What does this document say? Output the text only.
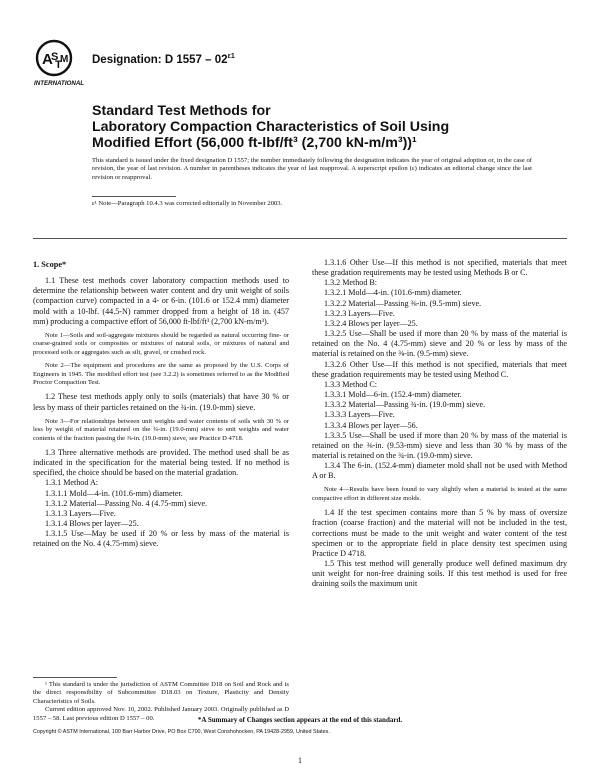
A
S
T
M
INTERNATIONAL
Designation: D $1557 - 02^{\varepsilon 1}$
Standard Test Methods for
Laboratory Compaction Characteristics of Soil Using
Modified Effort (56,000 ft-lbf/ft³ (2,700 kN-m/m³))¹
This standard is issued under the fixed designation D 1557; the number immediately following the designation indicates the year of original adoption or, in the case of revision, the year of last revision. A number in parentheses indicates the year of last reapproval. A superscript epsilon (ε) indicates an editorial change since the last revision or reapproval.
ε¹ Note—Paragraph 10.4.3 was corrected editorially in November 2003.

1. Scope*

1.1 These test methods cover laboratory compaction methods used to determine the relationship between water content and dry unit weight of soils (compaction curve) compacted in a 4- or 6-in. (101.6 or 152.4 mm) diameter mold with a 10-lbf. (44.5-N) rammer dropped from a height of 18 in. (457 mm) producing a compactive effort of 56,000 ft-lbf/ft³ (2,700 kN-m/m³).

Note 1—Soils and soil-aggregate mixtures should be regarded as natural occurring fine- or coarse-grained soils or composites or mixtures of natural soils, or mixtures of natural and processed soils or aggregates such as silt, gravel, or crushed rock.

Note 2—The equipment and procedures are the same as proposed by the U.S. Corps of Engineers in 1945. The modified effort test (see 3.2.2) is sometimes referred to as the Modified Proctor Compaction Test.

1.2 These test methods apply only to soils (materials) that have 30 % or less by mass of their particles retained on the ¾-in. (19.0-mm) sieve.

Note 3—For relationships between unit weights and water contents of soils with 30 % or less by weight of material retained on the ¾-in. (19.0-mm) sieve to unit weights and water contents of the fraction passing the ⅜-in. (19.0-mm) sieve, see Practice D 4718.

1.3 Three alternative methods are provided. The method used shall be as indicated in the specification for the material being tested. If no method is specified, the choice should be based on the material gradation.

1.3.1 Method A:

1.3.1.1 Mold—4-in. (101.6-mm) diameter.

1.3.1.2 Material—Passing No. 4 (4.75-mm) sieve.

1.3.1.3 Layers—Five.

1.3.1.4 Blows per layer—25.

1.3.1.5 Use—May be used if 20 % or less by mass of the material is retained on the No. 4 (4.75-mm) sieve.

1.3.1.6 Other Use—If this method is not specified, materials that meet these gradation requirements may be tested using Methods B or C.

1.3.2 Method B:

1.3.2.1 Mold—4-in. (101.6-mm) diameter.

1.3.2.2 Material—Passing ⅜-in. (9.5-mm) sieve.

1.3.2.3 Layers—Five.

1.3.2.4 Blows per layer—25.

1.3.2.5 Use—Shall be used if more than 20 % by mass of the material is retained on the No. 4 (4.75-mm) sieve and 20 % or less by mass of the material is retained on the ⅜-in. (9.5-mm) sieve.

1.3.2.6 Other Use—If this method is not specified, materials that meet these gradation requirements may be tested using Method C.

1.3.3 Method C:

1.3.3.1 Mold—6-in. (152.4-mm) diameter.

1.3.3.2 Material—Passing ¾-in. (19.0-mm) sieve.

1.3.3.3 Layers—Five.

1.3.3.4 Blows per layer—56.

1.3.3.5 Use—Shall be used if more than 20 % by mass of the material is retained on the ⅜-in. (9.53-mm) sieve and less than 30 % by mass of the material is retained on the ¾-in. (19.0-mm) sieve.

1.3.4 The 6-in. (152.4-mm) diameter mold shall not be used with Method A or B.

Note 4—Results have been found to vary slightly when a material is tested at the same compactive effort in different size molds.

1.4 If the test specimen contains more than 5 % by mass of oversize fraction (coarse fraction) and the material will not be included in the test, corrections must be made to the unit weight and water content of the test specimen or to the appropriate field in place density test specimen using Practice D 4718.

1.5 This test method will generally produce well defined maximum dry unit weight for non-free draining soils. If this test method is used for free draining soils the maximum unit

¹ This standard is under the jurisdiction of ASTM Committee D18 on Soil and Rock and is the direct responsibility of Subcommittee D18.03 on Texture, Plasticity and Density Characteristics of Soils.

Current edition approved Nov. 10, 2002. Published January 2003. Originally published as D 1557 – 58. Last previous edition D 1557 – 00.	*A Summary of Changes section appears at the end of this standard.
Copyright © ASTM International, 100 Barr Harbor Drive, PO Box C700, West Conshohocken, PA 19428-2959, United States.
1
